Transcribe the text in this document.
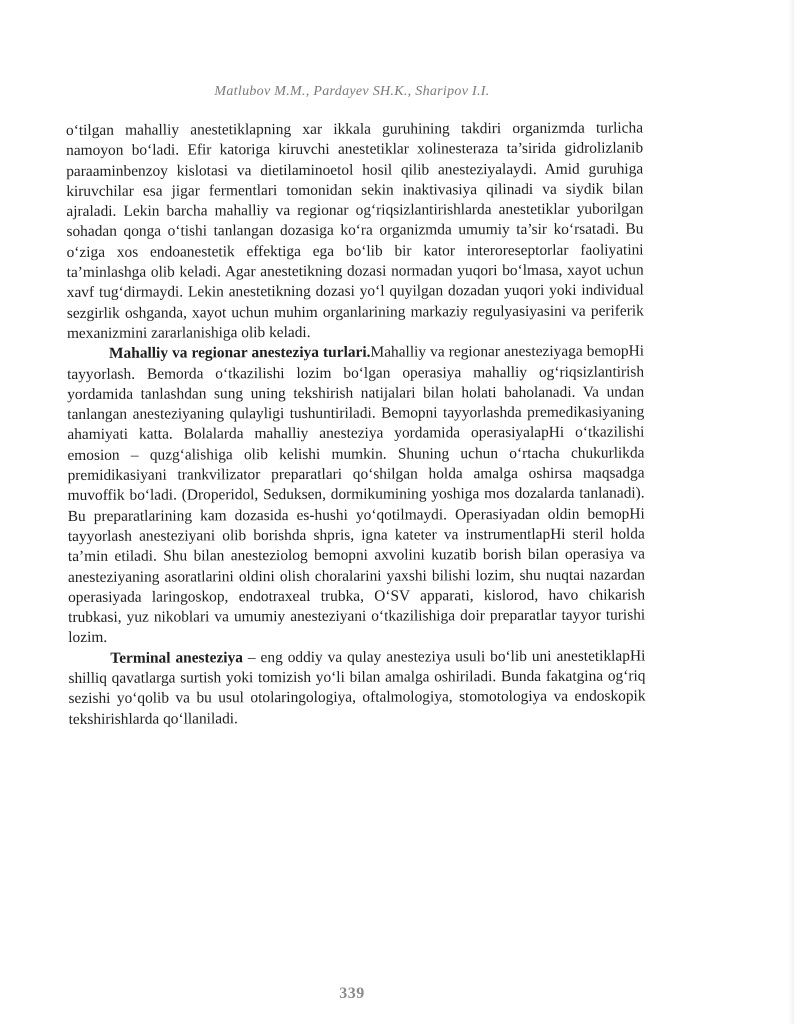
Matlubov M.M., Pardayev SH.K., Sharipov I.I.

o‘tilgan mahalliy anestetiklapning xar ikkala guruhining takdiri organizmda turlicha namoyon bo‘ladi. Efir katoriga kiruvchi anestetiklar xolinesteraza ta’sirida gidrolizlanib paraaminbenzoy kislotasi va dietilaminoetol hosil qilib anesteziyalaydi. Amid guruhiga kiruvchilar esa jigar fermentlari tomonidan sekin inaktivasiya qilinadi va siydik bilan ajraladi. Lekin barcha mahalliy va regionar og‘riqsizlantirishlarda anestetiklar yuborilgan sohadan qonga o‘tishi tanlangan dozasiga ko‘ra organizmda umumiy ta’sir ko‘rsatadi. Bu o‘ziga xos endoanestetik effektiga ega bo‘lib bir kator interoreseptorlar faoliyatini ta’minlashga olib keladi. Agar anestetikning dozasi normadan yuqori bo‘lmasa, xayot uchun xavf tug‘dirmaydi. Lekin anestetikning dozasi yo‘l quyilgan dozadan yuqori yoki individual sezgirlik oshganda, xayot uchun muhim organlarining markaziy regulyasiyasini va periferik mexanizmini zararlanishiga olib keladi.

Mahalliy va regionar anesteziya turlari.Mahalliy va regionar anesteziyaga bemopHi tayyorlash. Bemorda o‘tkazilishi lozim bo‘lgan operasiya mahalliy og‘riqsizlantirish yordamida tanlashdan sung uning tekshirish natijalari bilan holati baholanadi. Va undan tanlangan anesteziyaning qulayligi tushuntiriladi. Bemopni tayyorlashda premedikasiyaning ahamiyati katta. Bolalarda mahalliy anesteziya yordamida operasiyalapHi o‘tkazilishi emosion – quzg‘alishiga olib kelishi mumkin. Shuning uchun o‘rtacha chukurlikda premidikasiyani trankvilizator preparatlari qo‘shilgan holda amalga oshirsa maqsadga muvoffik bo‘ladi. (Droperidol, Seduksen, dormikumining yoshiga mos dozalarda tanlanadi). Bu preparatlarining kam dozasida es-hushi yo‘qotilmaydi. Operasiyadan oldin bemopHi tayyorlash anesteziyani olib borishda shpris, igna kateter va instrumentlapHi steril holda ta’min etiladi. Shu bilan anesteziolog bemopni axvolini kuzatib borish bilan operasiya va anesteziyaning asoratlarini oldini olish choralarini yaxshi bilishi lozim, shu nuqtai nazardan operasiyada laringoskop, endotraxeal trubka, O‘SV apparati, kislorod, havo chikarish trubkasi, yuz nikoblari va umumiy anesteziyani o‘tkazilishiga doir preparatlar tayyor turishi lozim.

Terminal anesteziya – eng oddiy va qulay anesteziya usuli bo‘lib uni anestetiklapHi shilliq qavatlarga surtish yoki tomizish yo‘li bilan amalga oshiriladi. Bunda fakatgina og‘riq sezishi yo‘qolib va bu usul otolaringologiya, oftalmologiya, stomotologiya va endoskopik tekshirishlarda qo‘llaniladi.

339
